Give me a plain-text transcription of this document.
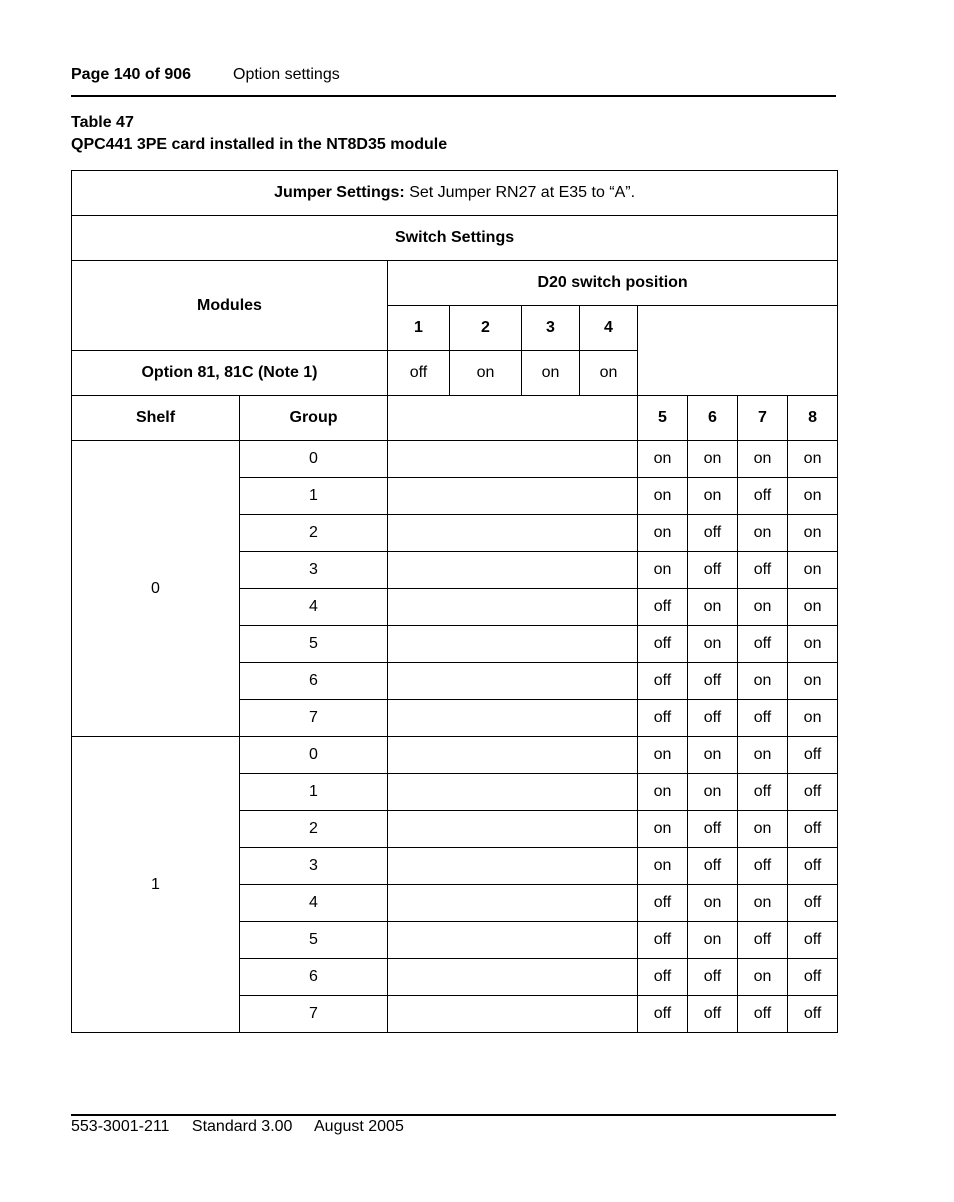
Page 140 of 906	Option settings
Table 47
QPC441 3PE card installed in the NT8D35 module
Jumper Settings: Set Jumper RN27 at E35 to “A”.									
Switch Settings									
Modules		D20 switch position							
		1	2	3	4				
Option 81, 81C (Note 1)		off	on	on	on				
Shelf	Group					5	6	7	8
0	0					on	on	on	on
	1					on	on	off	on
	2					on	off	on	on
	3					on	off	off	on
	4					off	on	on	on
	5					off	on	off	on
	6					off	off	on	on
	7					off	off	off	on
1	0					on	on	on	off
	1					on	on	off	off
	2					on	off	on	off
	3					on	off	off	off
	4					off	on	on	off
	5					off	on	off	off
	6					off	off	on	off
	7					off	off	off	off
553-3001-211 Standard 3.00 August 2005
